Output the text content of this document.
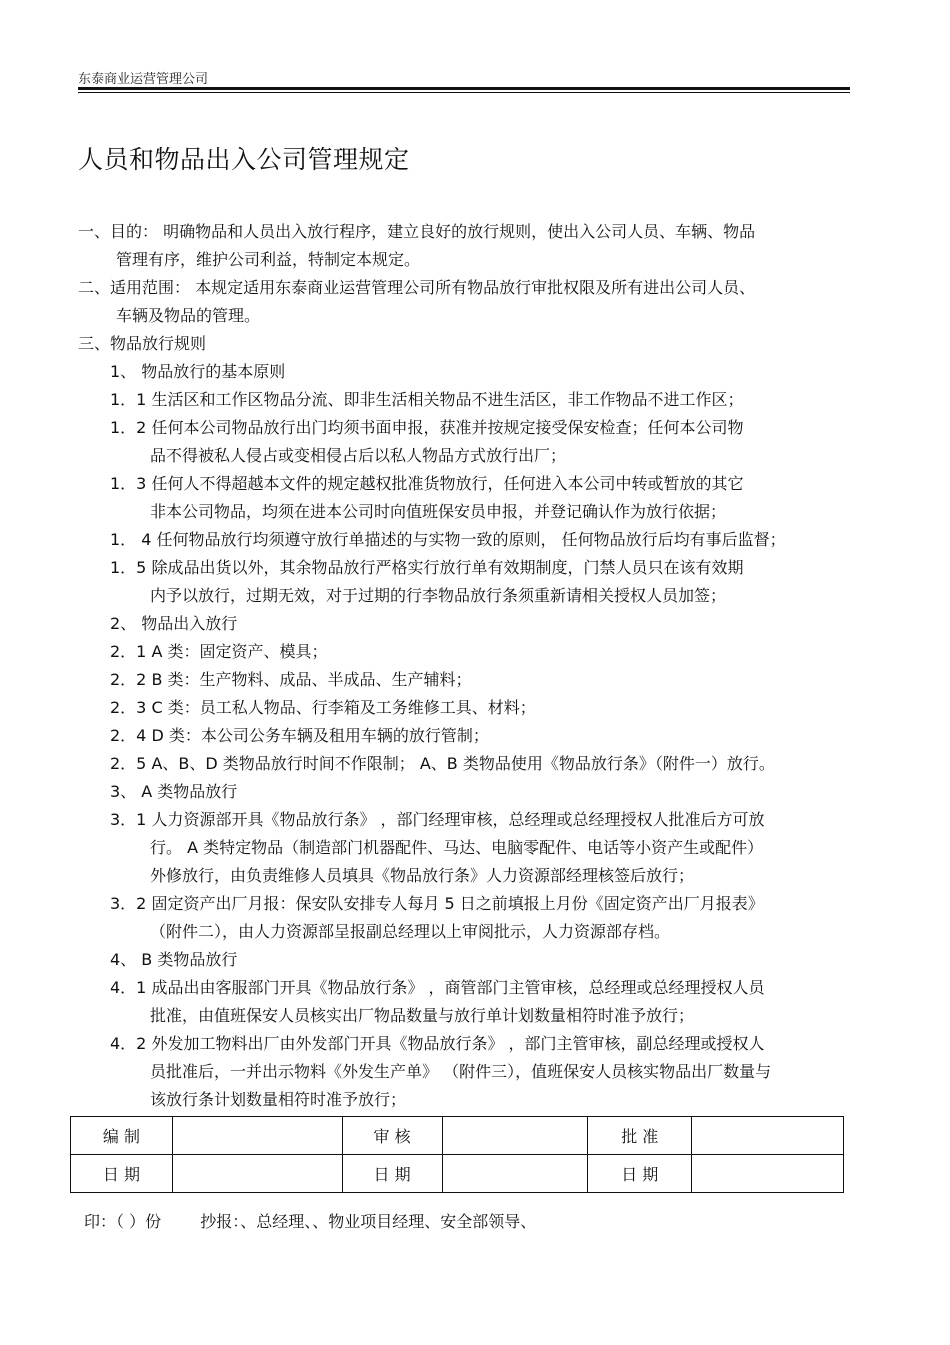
东泰商业运营管理公司
人员和物品出入公司管理规定
一、目的： 明确物品和人员出入放行程序，建立良好的放行规则，使出入公司人员、车辆、物品
管理有序，维护公司利益，特制定本规定。
二、适用范围： 本规定适用东泰商业运营管理公司所有物品放行审批权限及所有进出公司人员、
车辆及物品的管理。
三、物品放行规则
1、 物品放行的基本原则
1．1 生活区和工作区物品分流、即非生活相关物品不进生活区，非工作物品不进工作区；
1．2 任何本公司物品放行出门均须书面申报，获准并按规定接受保安检查；任何本公司物
品不得被私人侵占或变相侵占后以私人物品方式放行出厂；
1．3 任何人不得超越本文件的规定越权批准货物放行，任何进入本公司中转或暂放的其它
非本公司物品，均须在进本公司时向值班保安员申报，并登记确认作为放行依据；
1． 4 任何物品放行均须遵守放行单描述的与实物一致的原则， 任何物品放行后均有事后监督；
1．5 除成品出货以外，其余物品放行严格实行放行单有效期制度，门禁人员只在该有效期
内予以放行，过期无效，对于过期的行李物品放行条须重新请相关授权人员加签；
2、 物品出入放行
2．1 A 类：固定资产、模具；
2．2 B 类：生产物料、成品、半成品、生产辅料；
2．3 C 类：员工私人物品、行李箱及工务维修工具、材料；
2．4 D 类：本公司公务车辆及租用车辆的放行管制；
2．5 A、B、D 类物品放行时间不作限制； A、B 类物品使用《物品放行条》（附件一）放行。
3、 A 类物品放行
3．1 人力资源部开具《物品放行条》 ，部门经理审核，总经理或总经理授权人批准后方可放
行。 A 类特定物品（制造部门机器配件、马达、电脑零配件、电话等小资产生或配件）
外修放行，由负责维修人员填具《物品放行条》人力资源部经理核签后放行；
3．2 固定资产出厂月报：保安队安排专人每月 5 日之前填报上月份《固定资产出厂月报表》
（附件二），由人力资源部呈报副总经理以上审阅批示，人力资源部存档。
4、 B 类物品放行
4．1 成品出由客服部门开具《物品放行条》 ，商管部门主管审核，总经理或总经理授权人员
批准，由值班保安人员核实出厂物品数量与放行单计划数量相符时准予放行；
4．2 外发加工物料出厂由外发部门开具《物品放行条》 ，部门主管审核，副总经理或授权人
员批准后，一并出示物料《外发生产单》 （附件三），值班保安人员核实物品出厂数量与
该放行条计划数量相符时准予放行；
编 制		审 核		批 准	
日 期		日 期		日 期	
印：（ ）份 抄报：、总经理、、物业项目经理、安全部领导、
